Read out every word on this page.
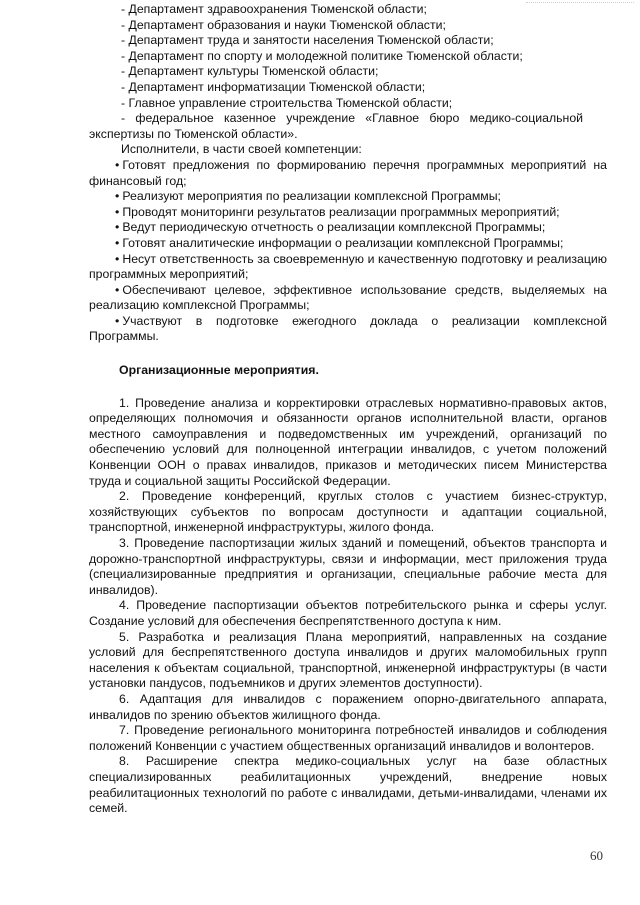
- Департамент здравоохранения Тюменской области;
- Департамент образования и науки Тюменской области;
- Департамент труда и занятости населения Тюменской области;
- Департамент по спорту и молодежной политике Тюменской области;
- Департамент культуры Тюменской области;
- Департамент информатизации Тюменской области;
- Главное управление строительства Тюменской области;
-   федеральное   казенное   учреждение   «Главное   бюро   медико-социальной
экспертизы по Тюменской области».
Исполнители, в части своей компетенции:

• Готовят предложения по формированию перечня программных мероприятий на финансовый год;

• Реализуют мероприятия по реализации комплексной Программы;

• Проводят мониторинги результатов реализации программных мероприятий;

• Ведут периодическую отчетность о реализации комплексной Программы;

• Готовят аналитические информации о реализации комплексной Программы;

• Несут ответственность за своевременную и качественную подготовку и реализацию программных мероприятий;

• Обеспечивают целевое, эффективное использование средств, выделяемых на реализацию комплексной Программы;

• Участвуют в подготовке ежегодного доклада о реализации комплексной Программы.

Организационные мероприятия.

1. Проведение анализа и корректировки отраслевых нормативно-правовых актов, определяющих полномочия и обязанности органов исполнительной власти, органов местного самоуправления и подведомственных им учреждений, организаций по обеспечению условий для полноценной интеграции инвалидов, с учетом положений Конвенции ООН о правах инвалидов, приказов и методических писем Министерства труда и социальной защиты Российской Федерации.

2. Проведение конференций, круглых столов с участием бизнес-структур, хозяйствующих субъектов по вопросам доступности и адаптации социальной, транспортной, инженерной инфраструктуры, жилого фонда.

3. Проведение паспортизации жилых зданий и помещений, объектов транспорта и дорожно-транспортной инфраструктуры, связи и информации, мест приложения труда (специализированные предприятия и организации, специальные рабочие места для инвалидов).

4. Проведение паспортизации объектов потребительского рынка и сферы услуг. Создание условий для обеспечения беспрепятственного доступа к ним.

5. Разработка и реализация Плана мероприятий, направленных на создание условий для беспрепятственного доступа инвалидов и других маломобильных групп населения к объектам социальной, транспортной, инженерной инфраструктуры (в части установки пандусов, подъемников и других элементов доступности).

6. Адаптация для инвалидов с поражением опорно-двигательного аппарата, инвалидов по зрению объектов жилищного фонда.

7. Проведение регионального мониторинга потребностей инвалидов и соблюдения положений Конвенции с участием общественных организаций инвалидов и волонтеров.

8. Расширение спектра медико-социальных услуг на базе областных специализированных реабилитационных учреждений, внедрение новых реабилитационных технологий по работе с инвалидами, детьми-инвалидами, членами их семей.

60
